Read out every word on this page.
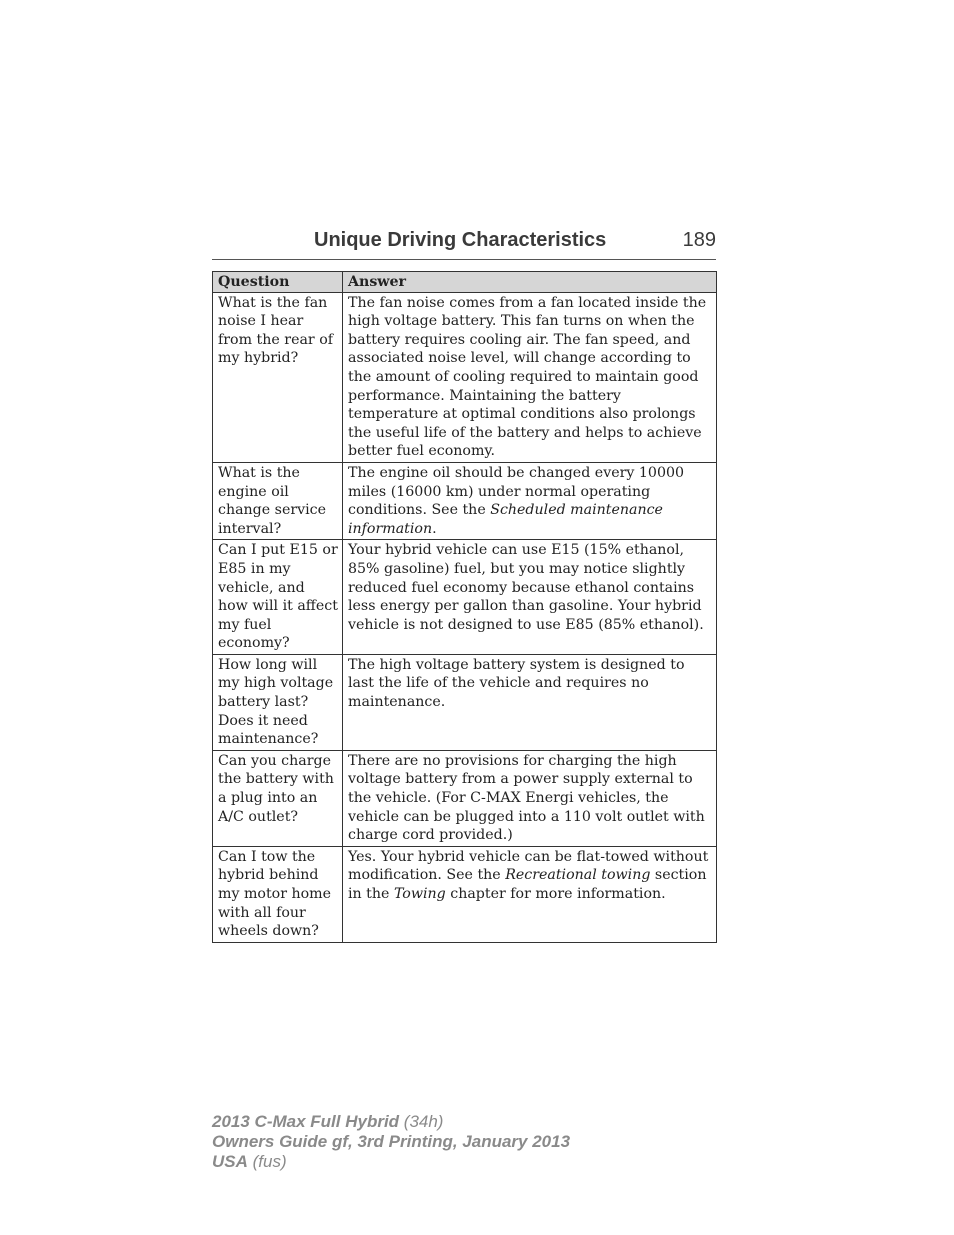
Unique Driving Characteristics	189
Question	Answer
What is the fan noise I hear from the rear of my hybrid?	The fan noise comes from a fan located inside the high voltage battery. This fan turns on when the battery requires cooling air. The fan speed, and associated noise level, will change according to the amount of cooling required to maintain good performance. Maintaining the battery temperature at optimal conditions also prolongs the useful life of the battery and helps to achieve better fuel economy.
What is the engine oil change service interval?	The engine oil should be changed every 10000 miles (16000 km) under normal operating conditions. See the Scheduled maintenance information.
Can I put E15 or E85 in my vehicle, and how will it affect my fuel economy?	Your hybrid vehicle can use E15 (15% ethanol, 85% gasoline) fuel, but you may notice slightly reduced fuel economy because ethanol contains less energy per gallon than gasoline. Your hybrid vehicle is not designed to use E85 (85% ethanol).
How long will my high voltage battery last? Does it need maintenance?	The high voltage battery system is designed to last the life of the vehicle and requires no maintenance.
Can you charge the battery with a plug into an A/C outlet?	There are no provisions for charging the high voltage battery from a power supply external to the vehicle. (For C-MAX Energi vehicles, the vehicle can be plugged into a 110 volt outlet with charge cord provided.)
Can I tow the hybrid behind my motor home with all four wheels down?	Yes. Your hybrid vehicle can be flat-towed without modification. See the Recreational towing section in the Towing chapter for more information.
2013 C-Max Full Hybrid (34h)
Owners Guide gf, 3rd Printing, January 2013
USA (fus)
